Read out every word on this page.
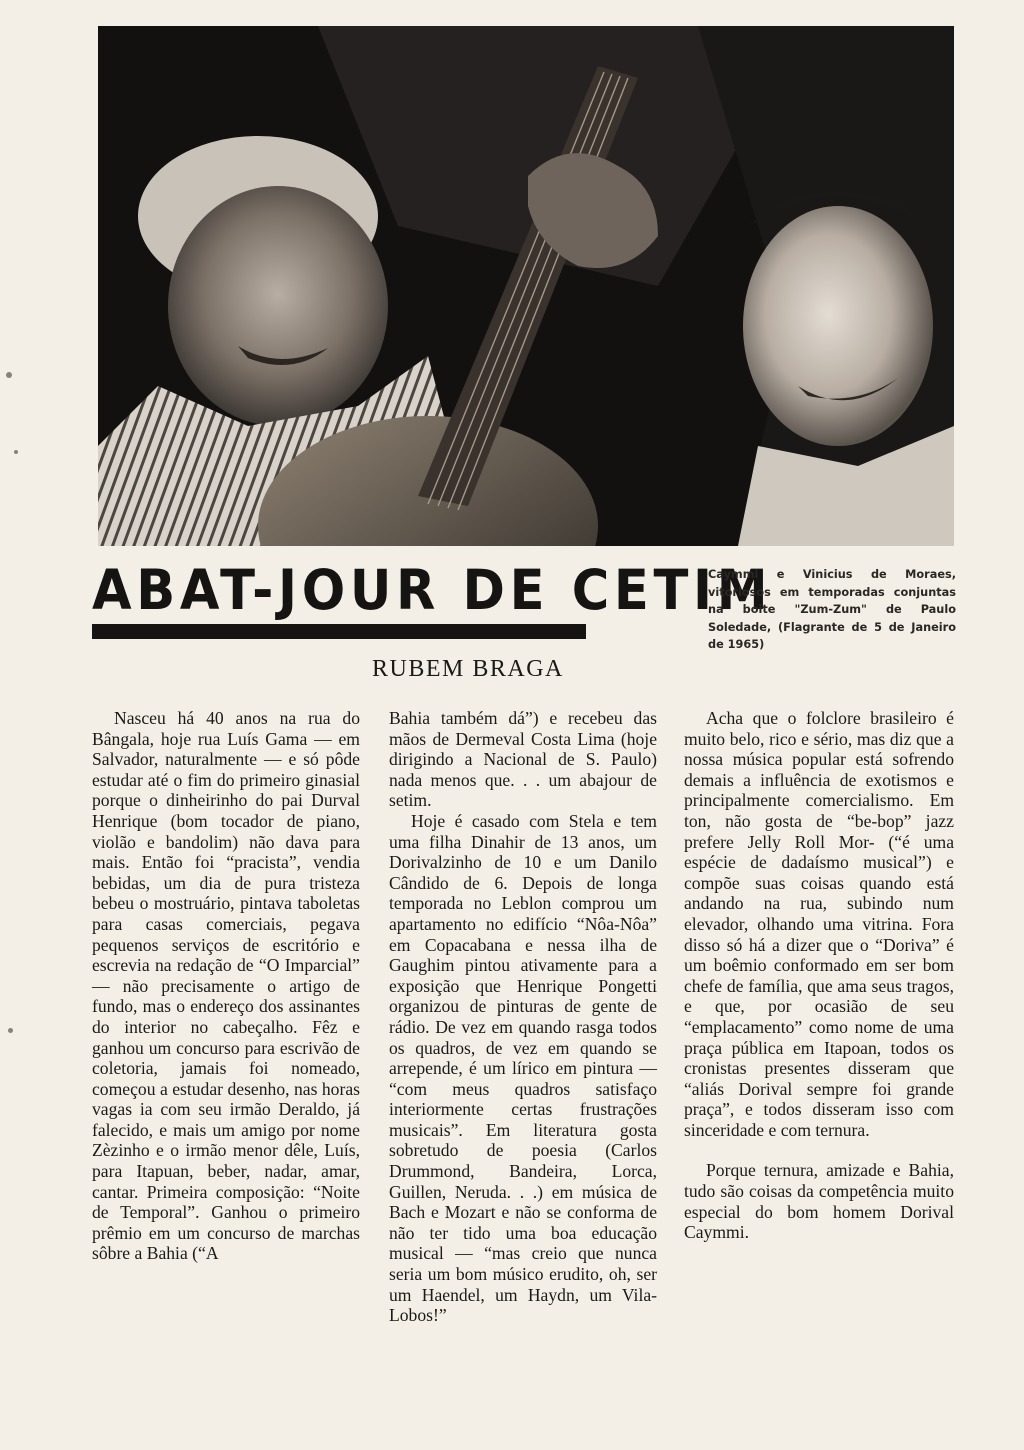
ABAT-JOUR DE CETIM
Caymmi e Vinicius de Moraes, vitoriosos em temporadas conjuntas na boite "Zum-Zum" de Paulo Soledade, (Flagrante de 5 de Janeiro de 1965)
RUBEM BRAGA

Nasceu há 40 anos na rua do Bângala, hoje rua Luís Gama — em Salvador, naturalmente — e só pôde estudar até o fim do primeiro ginasial porque o dinheirinho do pai Durval Henrique (bom tocador de piano, violão e bandolim) não dava para mais. Então foi “pracista”, vendia bebidas, um dia de pura tristeza bebeu o mostruário, pintava taboletas para casas comerciais, pegava pequenos serviços de escritório e escrevia na redação de “O Imparcial” — não precisamente o artigo de fundo, mas o endereço dos assinantes do interior no cabeçalho. Fêz e ganhou um concurso para escrivão de coletoria, jamais foi nomeado, começou a estudar desenho, nas horas vagas ia com seu irmão Deraldo, já falecido, e mais um amigo por nome Zèzinho e o irmão menor dêle, Luís, para Itapuan, beber, nadar, amar, cantar. Primeira composição: “Noite de Temporal”. Ganhou o primeiro prêmio em um concurso de marchas sôbre a Bahia (“A

Bahia também dá”) e recebeu das mãos de Dermeval Costa Lima (hoje dirigindo a Nacional de S. Paulo) nada menos que. . . um abajour de setim.

Hoje é casado com Stela e tem uma filha Dinahir de 13 anos, um Dorivalzinho de 10 e um Danilo Cândido de 6. Depois de longa temporada no Leblon comprou um apartamento no edifício “Nôa-Nôa” em Copacabana e nessa ilha de Gaughim pintou ativamente para a exposição que Henrique Pongetti organizou de pinturas de gente de rádio. De vez em quando rasga todos os quadros, de vez em quando se arrepende, é um lírico em pintura — “com meus quadros satisfaço interiormente certas frustrações musicais”. Em literatura gosta sobretudo de poesia (Carlos Drummond, Bandeira, Lorca, Guillen, Neruda. . .) em música de Bach e Mozart e não se conforma de não ter tido uma boa educação musical — “mas creio que nunca seria um bom músico erudito, oh, ser um Haendel, um Haydn, um Vila-Lobos!”

Acha que o folclore brasileiro é muito belo, rico e sério, mas diz que a nossa música popular está sofrendo demais a influência de exotismos e principalmente comercialismo. Em ton, não gosta de “be-bop” jazz prefere Jelly Roll Mor- (“é uma espécie de dadaísmo musical”) e compõe suas coisas quando está andando na rua, subindo num elevador, olhando uma vitrina. Fora disso só há a dizer que o “Doriva” é um boêmio conformado em ser bom chefe de família, que ama seus tragos, e que, por ocasião de seu “emplacamento” como nome de uma praça pública em Itapoan, todos os cronistas presentes disseram que “aliás Dorival sempre foi grande praça”, e todos disseram isso com sinceridade e com ternura.

Porque ternura, amizade e Bahia, tudo são coisas da competência muito especial do bom homem Dorival Caymmi.
